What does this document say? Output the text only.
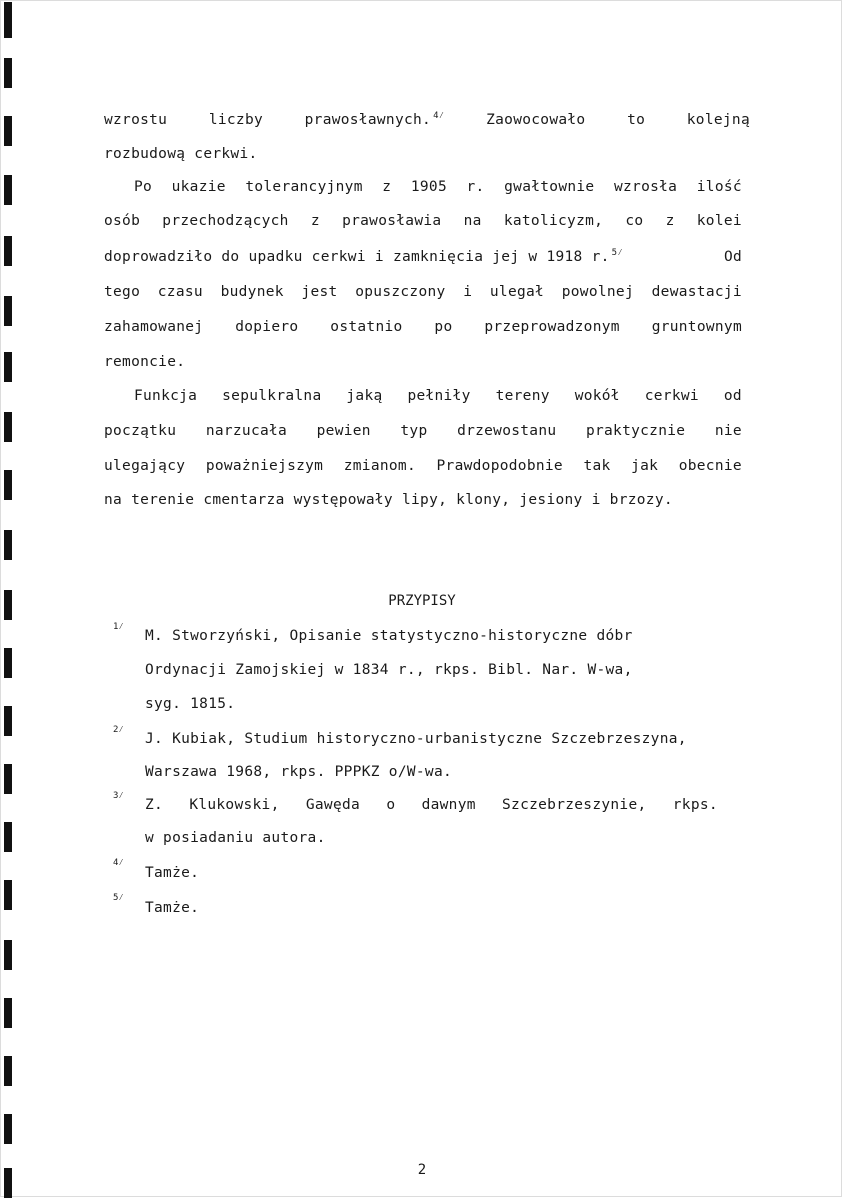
wzrostu	liczby	prawosławnych. $^{4⁄}$	Zaowocowało	to	kolejną
rozbudową cerkwi.
Po ukazie tolerancyjnym z 1905 r. gwałtownie wzrosła ilość
osób przechodzących z prawosławia na katolicyzm, co z kolei
doprowadziło do upadku cerkwi i zamknięcia jej w 1918 r. $^{5⁄}$	Od
tego czasu budynek jest opuszczony i ulegał powolnej dewastacji
zahamowanej dopiero ostatnio po przeprowadzonym gruntownym
remoncie.
Funkcja sepulkralna jaką pełniły tereny wokół cerkwi od
początku narzucała pewien typ drzewostanu praktycznie nie
ulegający poważniejszym zmianom. Prawdopodobnie tak jak obecnie
na terenie cmentarza występowały lipy, klony, jesiony i brzozy.
PRZYPISY
1⁄
M. Stworzyński, Opisanie statystyczno-historyczne dóbr
Ordynacji Zamojskiej w 1834 r., rkps. Bibl. Nar. W-wa,
syg. 1815.
2⁄
J. Kubiak, Studium historyczno-urbanistyczne Szczebrzeszyna,
Warszawa 1968, rkps. PPPKZ o/W-wa.
3⁄
Z. Klukowski, Gawęda o dawnym Szczebrzeszynie, rkps.
w posiadaniu autora.
4⁄
Tamże.
5⁄
Tamże.
2
